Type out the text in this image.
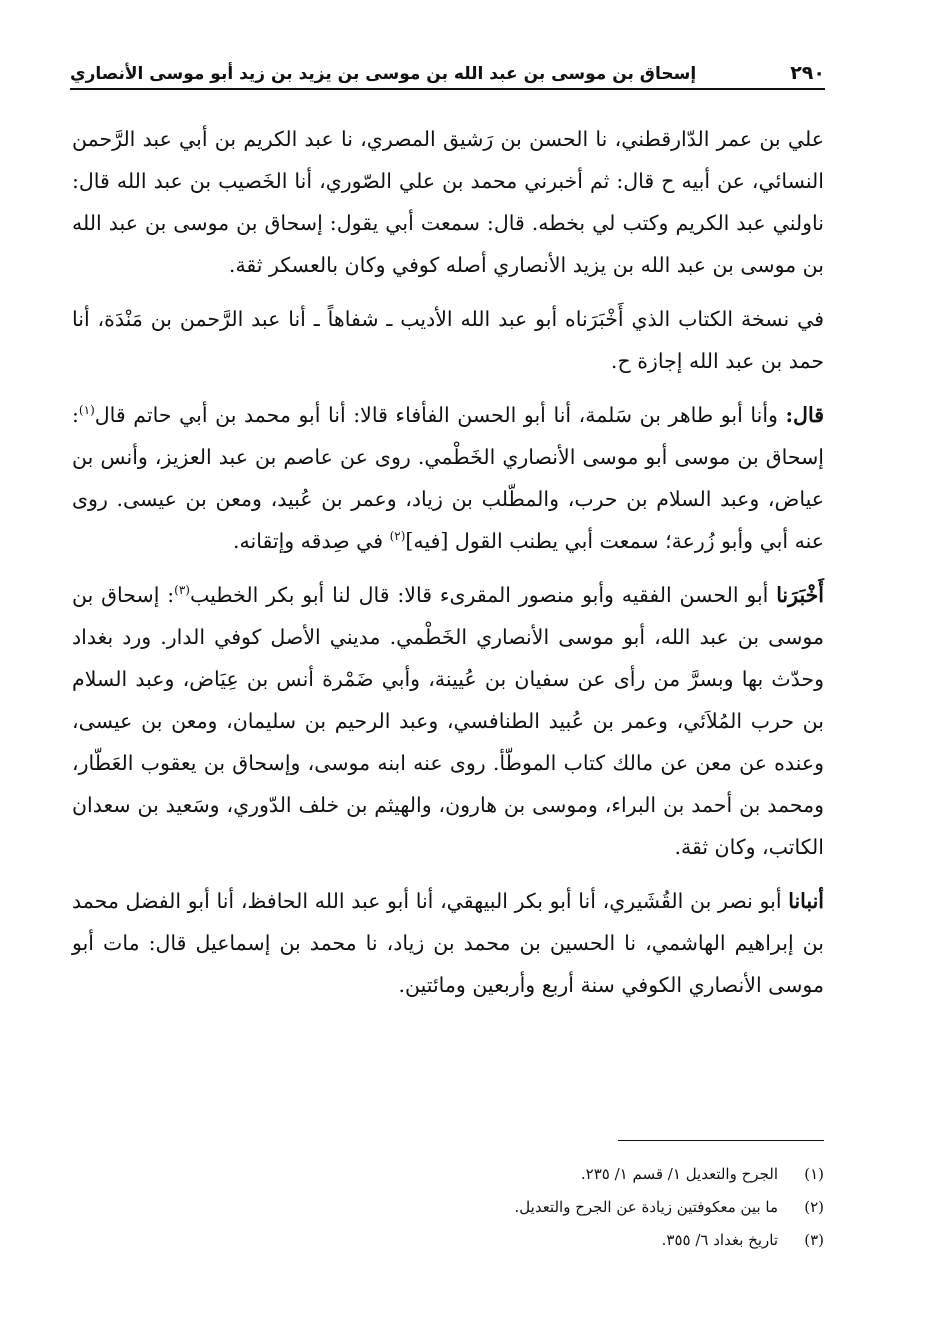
٢٩٠
إسحاق بن موسى بن عبد الله بن موسى بن يزيد بن زيد أبو موسى الأنصاري

علي بن عمر الدّارقطني، نا الحسن بن رَشيق المصري، نا عبد الكريم بن أبي عبد الرَّحمن النسائي، عن أبيه ح قال: ثم أخبرني محمد بن علي الصّوري، أنا الخَصيب بن عبد الله قال: ناولني عبد الكريم وكتب لي بخطه. قال: سمعت أبي يقول: إسحاق بن موسى بن عبد الله بن موسى بن عبد الله بن يزيد الأنصاري أصله كوفي وكان بالعسكر ثقة.

في نسخة الكتاب الذي أَخْبَرَناه أبو عبد الله الأديب ـ شفاهاً ـ أنا عبد الرَّحمن بن مَنْدَة، أنا حمد بن عبد الله إجازة ح.

قال: وأنا أبو طاهر بن سَلمة، أنا أبو الحسن الفأفاء قالا: أنا أبو محمد بن أبي حاتم قال$^{(١)}$: إسحاق بن موسى أبو موسى الأنصاري الخَطْمي. روى عن عاصم بن عبد العزيز، وأنس بن عياض، وعبد السلام بن حرب، والمطّلب بن زياد، وعمر بن عُبيد، ومعن بن عيسى. روى عنه أبي وأبو زُرعة؛ سمعت أبي يطنب القول [فيه]$^{(٢)}$ في صِدقه وإتقانه.

أَخْبَرَنا أبو الحسن الفقيه وأبو منصور المقرىء قالا: قال لنا أبو بكر الخطيب$^{(٣)}$: إسحاق بن موسى بن عبد الله، أبو موسى الأنصاري الخَطْمي. مديني الأصل كوفي الدار. ورد بغداد وحدّث بها وبسرَّ من رأى عن سفيان بن عُيينة، وأبي ضَمْرة أنس بن عِيَاض، وعبد السلام بن حرب المُلاَئي، وعمر بن عُبيد الطنافسي، وعبد الرحيم بن سليمان، ومعن بن عيسى، وعنده عن معن عن مالك كتاب الموطّأ. روى عنه ابنه موسى، وإسحاق بن يعقوب العَطّار، ومحمد بن أحمد بن البراء، وموسى بن هارون، والهيثم بن خلف الدّوري، وسَعيد بن سعدان الكاتب، وكان ثقة.

أنبانا أبو نصر بن القُشَيري، أنا أبو بكر البيهقي، أنا أبو عبد الله الحافظ، أنا أبو الفضل محمد بن إبراهيم الهاشمي، نا الحسين بن محمد بن زياد، نا محمد بن إسماعيل قال: مات أبو موسى الأنصاري الكوفي سنة أربع وأربعين ومائتين.

(١)
الجرح والتعديل ١/ قسم ١/ ٢٣٥.
(٢)
ما بين معكوفتين زيادة عن الجرح والتعديل.
(٣)
تاريخ بغداد ٦/ ٣٥٥.
